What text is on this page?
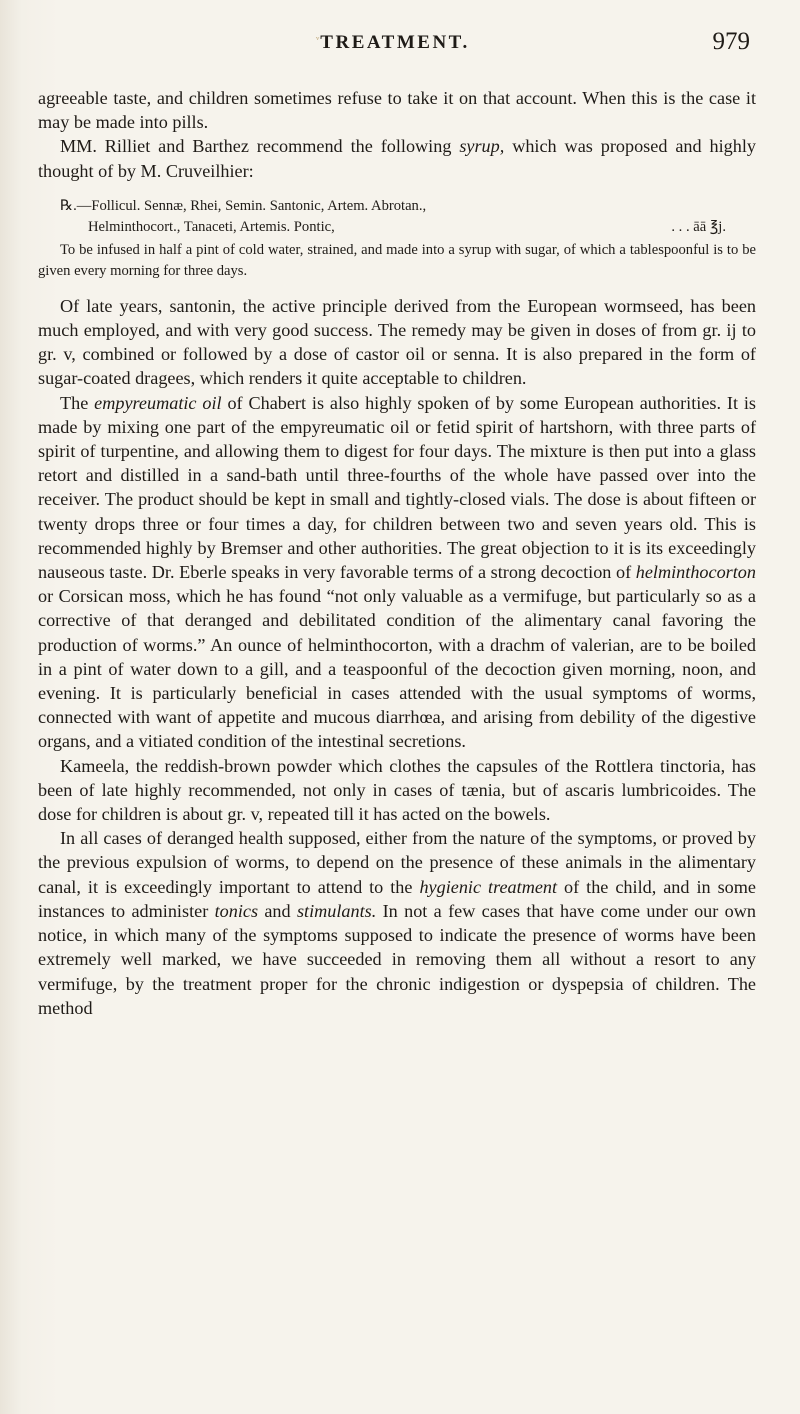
ᵛ TREATMENT.	979

agreeable taste, and children sometimes refuse to take it on that account. When this is the case it may be made into pills.

MM. Rilliet and Barthez recommend the following syrup, which was proposed and highly thought of by M. Cruveilhier:

℞.—Follicul. Sennæ, Rhei, Semin. Santonic, Artem. Abrotan.,
. . . āā ℥j.
Helminthocort., Tanaceti, Artemis. Pontic,

To be infused in half a pint of cold water, strained, and made into a syrup with sugar, of which a tablespoonful is to be given every morning for three days.

Of late years, santonin, the active principle derived from the European wormseed, has been much employed, and with very good success. The remedy may be given in doses of from gr. ij to gr. v, combined or followed by a dose of castor oil or senna. It is also prepared in the form of sugar-coated dragees, which renders it quite acceptable to children.

The empyreumatic oil of Chabert is also highly spoken of by some European authorities. It is made by mixing one part of the empyreumatic oil or fetid spirit of hartshorn, with three parts of spirit of turpentine, and allowing them to digest for four days. The mixture is then put into a glass retort and distilled in a sand-bath until three-fourths of the whole have passed over into the receiver. The product should be kept in small and tightly-closed vials. The dose is about fifteen or twenty drops three or four times a day, for children between two and seven years old. This is recommended highly by Bremser and other authorities. The great objection to it is its exceedingly nauseous taste. Dr. Eberle speaks in very favorable terms of a strong decoction of helminthocorton or Corsican moss, which he has found “not only valuable as a vermifuge, but particularly so as a corrective of that deranged and debilitated condition of the alimentary canal favoring the production of worms.” An ounce of helminthocorton, with a drachm of valerian, are to be boiled in a pint of water down to a gill, and a teaspoonful of the decoction given morning, noon, and evening. It is particularly beneficial in cases attended with the usual symptoms of worms, connected with want of appetite and mucous diarrhœa, and arising from debility of the digestive organs, and a vitiated condition of the intestinal secretions.

Kameela, the reddish-brown powder which clothes the capsules of the Rottlera tinctoria, has been of late highly recommended, not only in cases of tænia, but of ascaris lumbricoides. The dose for children is about gr. v, repeated till it has acted on the bowels.

In all cases of deranged health supposed, either from the nature of the symptoms, or proved by the previous expulsion of worms, to depend on the presence of these animals in the alimentary canal, it is exceedingly important to attend to the hygienic treatment of the child, and in some instances to administer tonics and stimulants. In not a few cases that have come under our own notice, in which many of the symptoms supposed to indicate the presence of worms have been extremely well marked, we have succeeded in removing them all without a resort to any vermifuge, by the treatment proper for the chronic indigestion or dyspepsia of children. The method
